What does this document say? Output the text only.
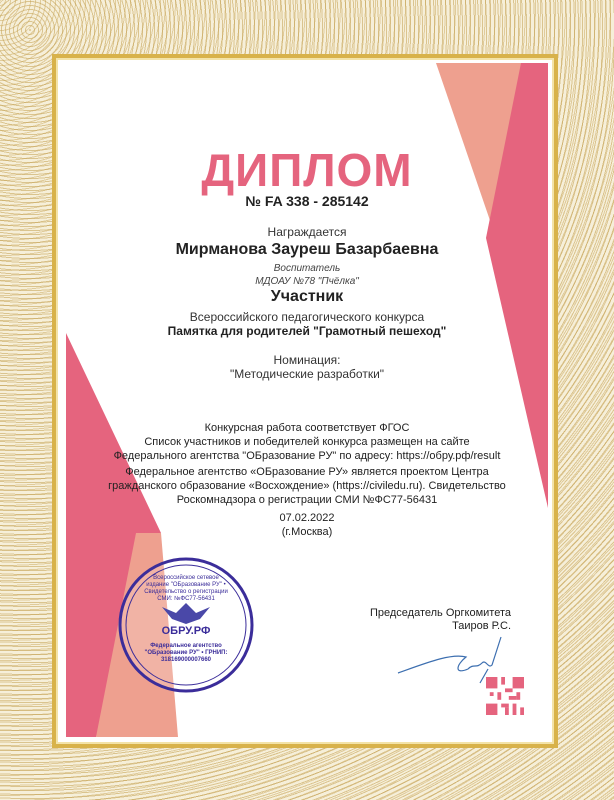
ДИПЛОМ
№ FA 338 - 285142
Награждается
Мирманова Зауреш Базарбаевна
Воспитатель
МДОАУ №78 "Пчёлка"
Участник
Всероссийского педагогического конкурса
Памятка для родителей "Грамотный пешеход"
Номинация:
"Методические разработки"
Конкурсная работа соответствует ФГОС
Список участников и победителей конкурса размещен на сайте
Федерального агентства "ОБразование РУ" по адресу: https://обру.рф/result
Федеральное агентство «ОБразование РУ» является проектом Центра
гражданского образование «Восхождение» (https://civiledu.ru). Свидетельство
Роскомнадзора о регистрации СМИ №ФС77-56431
07.02.2022
(г.Москва)
Всероссийское сетевое издание "ОБразование РУ" • Свидетельство о регистрации СМИ: №ФС77-56431
ОБРУ.РФ
Федеральное агентство "ОБразование РУ" • ГРНИП: 318169000007660
Председатель Оргкомитета
Таиров Р.С.
